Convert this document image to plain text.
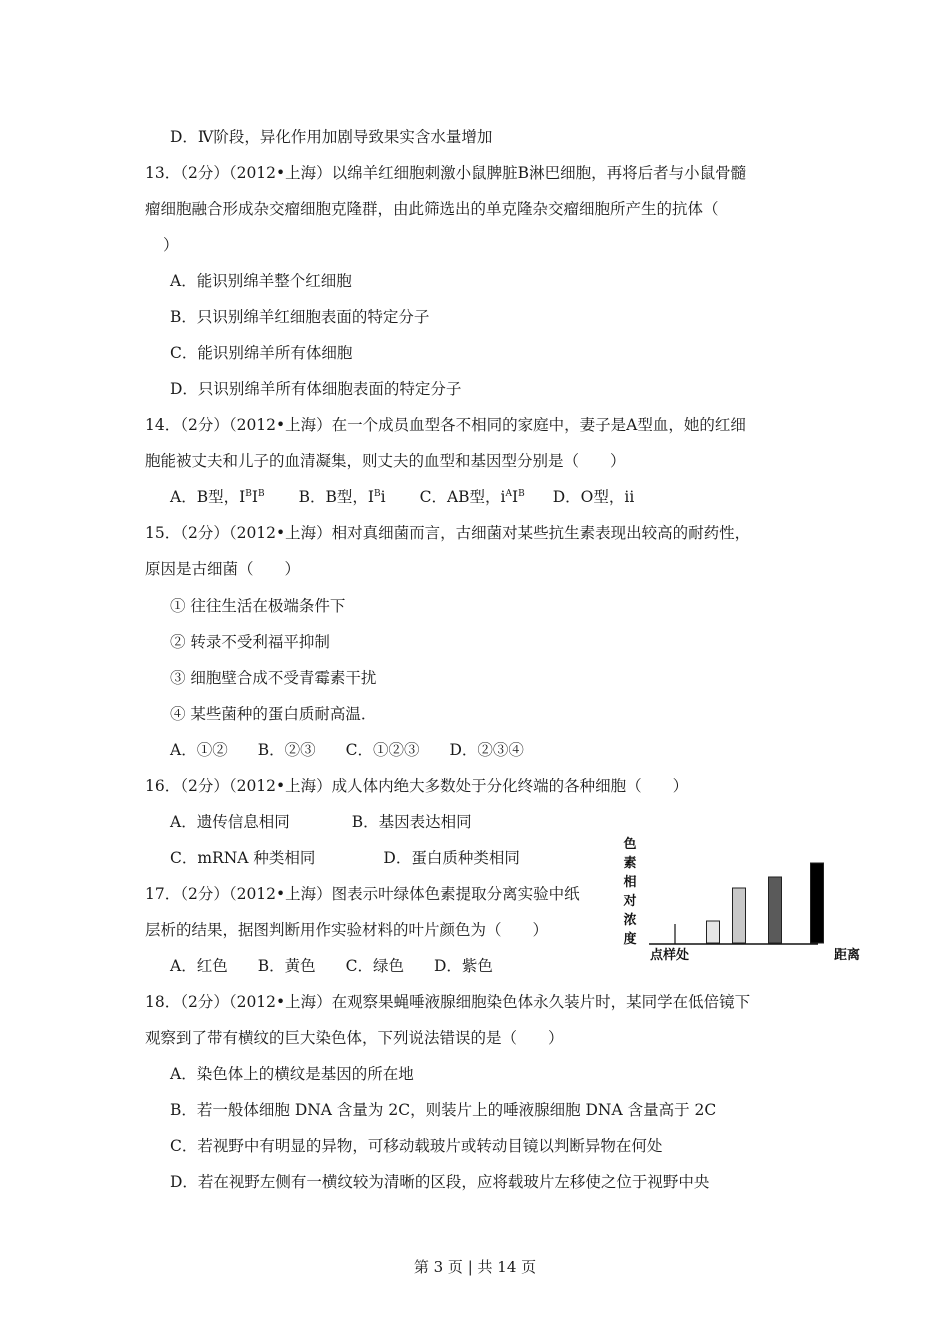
D．Ⅳ阶段，异化作用加剧导致果实含水量增加
13．（2分）（2012•上海）以绵羊红细胞刺激小鼠脾脏B淋巴细胞，再将后者与小鼠骨髓
瘤细胞融合形成杂交瘤细胞克隆群，由此筛选出的单克隆杂交瘤细胞所产生的抗体（
）
A．能识别绵羊整个红细胞
B．只识别绵羊红细胞表面的特定分子
C．能识别绵羊所有体细胞
D．只识别绵羊所有体细胞表面的特定分子
14．（2分）（2012•上海）在一个成员血型各不相同的家庭中，妻子是A型血，她的红细
胞能被丈夫和儿子的血清凝集，则丈夫的血型和基因型分别是（　　）
A．B型，$I^BI^B$ B．B型，$I^Bi$ C．AB型，$i^AI^B$ D．O型，ii
15．（2分）（2012•上海）相对真细菌而言，古细菌对某些抗生素表现出较高的耐药性，
原因是古细菌（　　）
① 往往生活在极端条件下
② 转录不受利福平抑制
③ 细胞壁合成不受青霉素干扰
④ 某些菌种的蛋白质耐高温．
A．①② B．②③ C．①②③ D．②③④
16．（2分）（2012•上海）成人体内绝大多数处于分化终端的各种细胞（　　）
A．遗传信息相同	B．基因表达相同
C．mRNA 种类相同	D．蛋白质种类相同
17．（2分）（2012•上海）图表示叶绿体色素提取分离实验中纸
层析的结果，据图判断用作实验材料的叶片颜色为（　　）
A．红色 B．黄色 C．绿色 D．紫色
18．（2分）（2012•上海）在观察果蝇唾液腺细胞染色体永久装片时，某同学在低倍镜下
观察到了带有横纹的巨大染色体，下列说法错误的是（　　）
A．染色体上的横纹是基因的所在地
B．若一般体细胞 DNA 含量为 2C，则装片上的唾液腺细胞 DNA 含量高于 2C
C．若视野中有明显的异物，可移动载玻片或转动目镜以判断异物在何处
D．若在视野左侧有一横纹较为清晰的区段，应将载玻片左移使之位于视野中央
色素相对浓度
点样处	距离
第 3 页 | 共 14 页
